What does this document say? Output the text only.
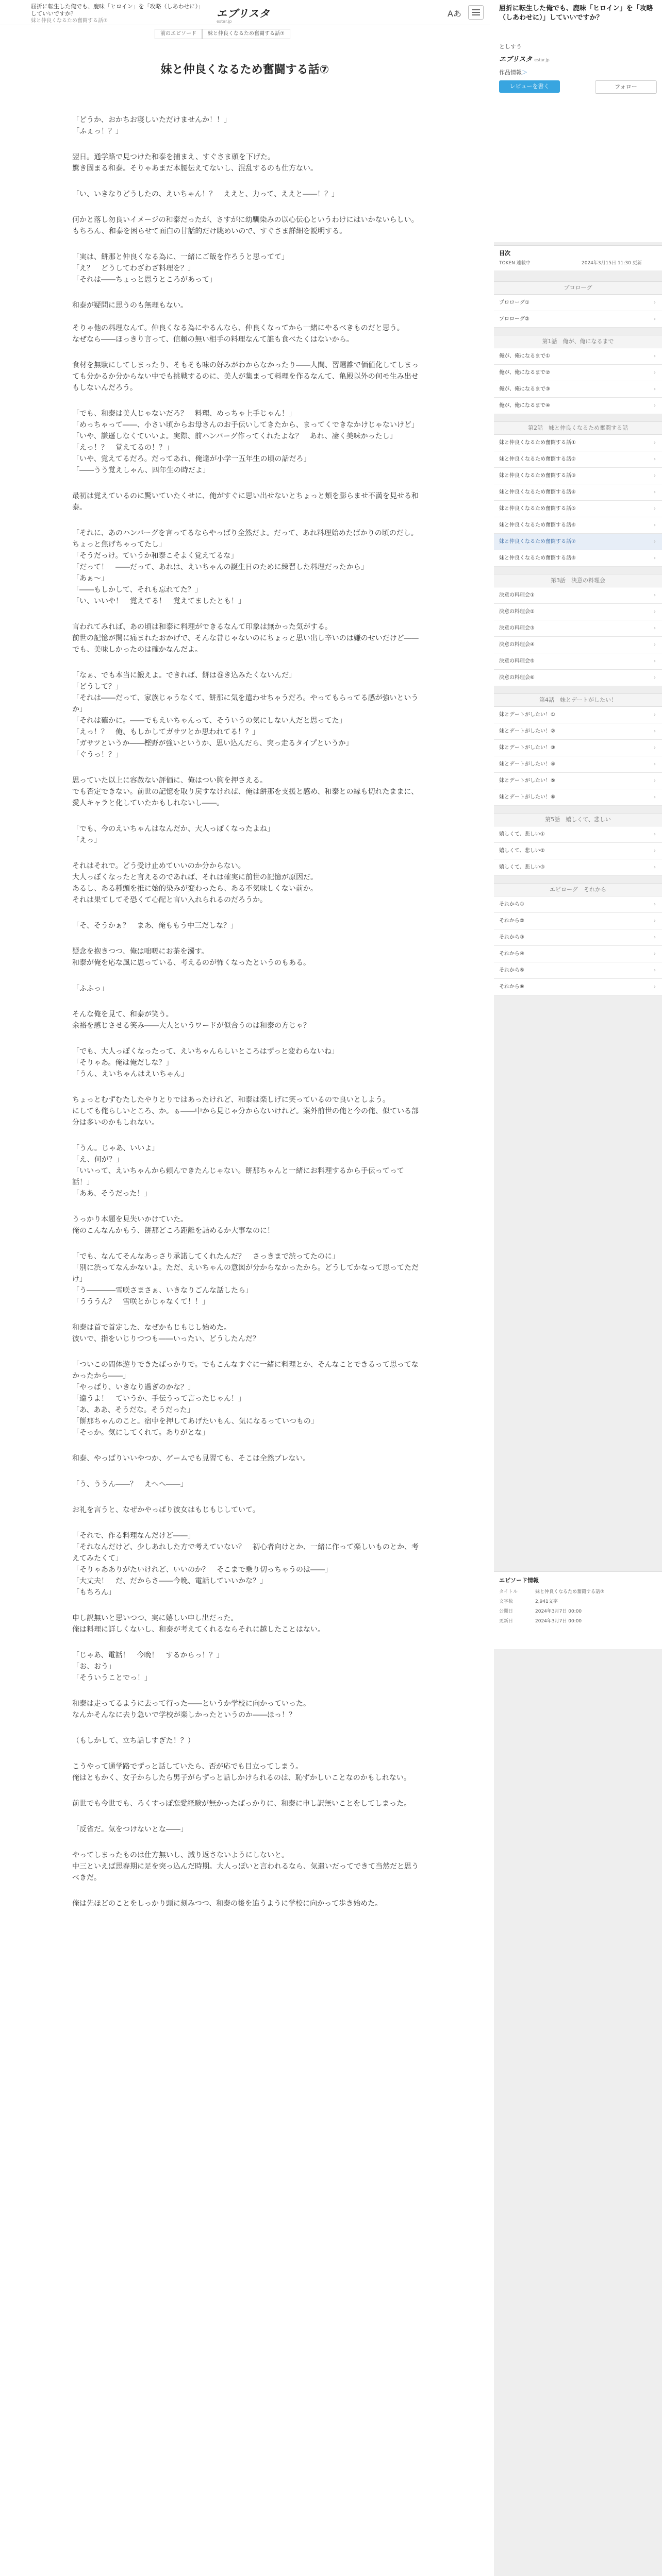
屈折に転生した俺でも、鹿味「ヒロイン」を「攻略（しあわせに）」していいですか？
妹と仲良くなるため奮闘する話⑦
エブリスタ
estar.jp
Aあ
前のエピソード 妹と仲良くなるため奮闘する話⑦
妹と仲良くなるため奮闘する話⑦

「どうか、おかちお寝しいただけませんか！！」
「ふぇっ！？」

翌日。通学路で見つけた和泰を捕まえ、すぐさま頭を下げた。
驚き固まる和泰。そりゃあまだ本腰伝えてないし、混乱するのも仕方ない。

「い、いきなりどうしたの、えいちゃん！？　ええと、力って、ええと――！？」

何かと落し勿良いイメージの和泰だったが、さすがに幼馴染みの以心伝心というわけにはいかないらしい。
もちろん、和泰を困らせて面白の甘話的だけ眺めいので、すぐさま詳細を説明する。

「実は、餅那と仲良くなる為に、一緒にご飯を作ろうと思ってて」
「え？　どうしてわざわざ料理を？」
「それは――ちょっと思うところがあって」

和泰が疑問に思うのも無理もない。

そりゃ他の料理なんて。仲良くなる為にやるんなら、仲良くなってから一緒にやるべきものだと思う。
なぜなら――ほっきり言って、信頼の無い相手の料理なんて誰も食べたくはないから。

食材を無駄にしてしまったり、そもそも味の好みがわからなかったり――人間、習選誰で価値化してしまっても分かるか分からない中でも挑戦するのに、美人が集まって料理を作るなんて、亀殿以外の何モ生み出せもしないんだろう。

「でも、和泰は美人じゃないだろ？　料理、めっちゃ上手じゃん！」
「めっちゃって――、小さい頃からお母さんのお手伝いしてきたから、まってくできなかけじゃないけど」
「いや、謙遜しなくていいよ。実際、前ハンバーグ作ってくれたよな？　あれ、凄く美味かったし」
「えっ！？　覚えてるの！？」
「いや、覚えてるだろ。だってあれ、俺達が小学一五年生の頃の話だろ」
「――うう覚えしゃん、四年生の時だよ」

最初は覚えているのに驚いていたくせに、俺がすぐに思い出せないとちょっと頬を膨らませ不満を見せる和泰。

「それに、あのハンバーグを言ってるならやっぱり全然だよ。だって、あれ料理始めたばかりの頃のだし。ちょっと焦げちゃってたし」
「そうだっけ。ていうか和泰こそよく覚えてるな」
「だって！　――だって、あれは、えいちゃんの誕生日のために練習した料理だったから」
「あぁ～」
「――もしかして、それも忘れてた？」
「い、いいや！　覚えてる！　覚えてましたとも！」

言われてみれば、あの頃は和泰に料理ができるなんて印象は無かった気がする。
前世の記憶が関に痛まれたおかげで、そんな昔じゃないのにちょっと思い出し辛いのは嫌のせいだけど――でも、美味しかったのは確かなんだよ。

「なぁ、でも本当に鍛えよ。できれば、餅は巻き込みたくないんだ」
「どうして？」
「それは――だって、家族じゃうなくて、餅那に気を遣わせちゃうだろ。やってもらってる感が強いというか」
「それは確かに。――でもえいちゃんって、そういうの気にしない人だと思ってた」
「えっ！？　俺、もしかしてガサツとか思われてる！？」
「ガサツというか――樫野が強いというか、思い込んだら、突っ走るタイプというか」
「ぐうっ！？」

思っていた以上に容赦ない評価に、俺はつい胸を押さえる。
でも否定できない。前世の記憶を取り戻すなければ、俺は餅那を支援と感め、和泰との縁も切れたままに、愛人キャラと化していたかもしれないし――。

「でも、今のえいちゃんはなんだか、大人っぽくなったよね」
「えっ」

それはそれで。どう受け止めていいのか分からない。
大人っぽくなったと言えるのであれば、それは確実に前世の記憶が原因だ。
あるし、ある種頭を推に始的染みが変わったら、ある不気味しくない前か。
それは果てしてそ恐くて心配と言い入れられるのだろうか。

「そ、そうかぁ？　まあ、俺ももう中三だしな？」

疑念を抱きつつ、俺は咄嗟にお茶を濁す。
和泰が俺を応な風に思っている、考えるのが怖くなったというのもある。

「ふふっ」

そんな俺を見て、和泰が笑う。
余裕を感じさせる笑み――大人というワードが似合うのは和泰の方じゃ？

「でも、大人っぽくなったって、えいちゃんらしいところはずっと変わらないね」
「そりゃあ。俺は俺だしな？」
「うん、えいちゃんはえいちゃん」

ちょっとむずむたしたやりとりではあったけれど、和泰は楽しげに笑っているので良いとしよう。
にしても俺らしいところ、か。ぁ――中から見じゃ分からないけれど。案外前世の俺と今の俺、似ている部分は多いのかもしれない。

「うん。じゃあ、いいよ」
「え、何が？」
「いいって、えいちゃんから頼んできたんじゃない。餅那ちゃんと一緒にお料理するから手伝ってって話！」
「ああ、そうだった！」

うっかり本題を見失いかけていた。
俺のこんなんかもう、餅那どころ距離を詰めるか大事なのに！

「でも、なんてそんなあっさり承諾してくれたんだ？　さっきまで渋ってたのに」
「別に渋ってなんかないよ。ただ、えいちゃんの意図が分からなかったから。どうしてかなって思ってただけ」
「う――――雪咲さまさぁ、いきなりごんな話したら」
「うううん？　雪咲とかじゃなくて！！」

和泰は首で首定した、なぜかもじもじし始めた。
彼いで、指をいじりつつも――いったい、どうしたんだ？

「ついこの間体遊りできたばっかりで。でもこんなすぐに一緒に料理とか、そんなことできるって思ってなかったから――」
「やっぱり、いきなり過ぎのかな？」
「違うよ！　ていうか、手伝うって言ったじゃん！」
「あ、ああ、そうだな。そうだった」
「餅那ちゃんのこと。宿中を押してあげたいもん、気になるっていつもの」
「そっか。気にしてくれて。ありがとな」

和泰、やっぱりいいやつか、ゲームでも見習ても、そこは全然ブレない。

「う、ううん――？　えへへ――」

お礼を言うと、なぜかやっぱり彼女はもじもじしていて。

「それで、作る料理なんだけど――」
「それなんだけど、少しあれした方で考えていない？　初心者向けとか、一緒に作って楽しいものとか、考えてみたくて」
「そりゃあありがたいけれど、いいのか？　そこまで乗り切っちゃうのは――」
「大丈夫！　だ、だからさ――今晩、電話していいかな？」
「もちろん」

申し訳無いと思いつつ、実に嬉しい申し出だった。
俺は料理に詳しくないし、和泰が考えてくれるならそれに越したことはない。

「じゃあ、電話！　今晩！　するからっ！？」
「お、おう」
「そういうことでっ！」

和泰は走ってるように去って行った――というか学校に向かっていった。
なんかそんなに去り急いで学校が楽しかったというのか――ほっ！？

（もしかして、立ち話しすぎた！？）

こうやって通学路でずっと話していたら、否が応でも目立ってしまう。
俺はともかく、女子からしたら男子がらずっと話しかけられるのは、恥ずかしいことなのかもしれない。

前世でも今世でも、ろくすっぽ恋愛経験が無かったばっかりに、和泰に申し訳無いことをしてしまった。

「反省だ。気をつけないとな――」

やってしまったものは仕方無いし、減り返さないようにしないと。
中三といえば思春期に足を突っ込んだ時期。大人っぽいと言われるなら、気遣いだってできて当然だと思うべきだ。

俺は先ほどのことをしっかり頭に刻みつつ、和泰の後を追うように学校に向かって歩き始めた。

屈折に転生した俺でも、鹿味「ヒロイン」を「攻略（しあわせに）」していいですか？
としすう
エブリスタ estar.jp
作品情報＞
レビューを書く	フォロー
目次
TOKEN 連載中	2024年3月15日 11:30 更新
プロローグ
プロローグ① ›
プロローグ② ›
第1話　俺が、俺になるまで
俺が、俺になるまで① ›
俺が、俺になるまで② ›
俺が、俺になるまで③ ›
俺が、俺になるまで④ ›
第2話　妹と仲良くなるため奮闘する話
妹と仲良くなるため奮闘する話① ›
妹と仲良くなるため奮闘する話② ›
妹と仲良くなるため奮闘する話③ ›
妹と仲良くなるため奮闘する話④ ›
妹と仲良くなるため奮闘する話⑤ ›
妹と仲良くなるため奮闘する話⑥ ›
妹と仲良くなるため奮闘する話⑦ ›
妹と仲良くなるため奮闘する話⑧ ›
第3話　決意の料理会
決意の料理会① ›
決意の料理会② ›
決意の料理会③ ›
決意の料理会④ ›
決意の料理会⑤ ›
決意の料理会⑥ ›
第4話　妹とデートがしたい！
妹とデートがしたい！① ›
妹とデートがしたい！② ›
妹とデートがしたい！③ ›
妹とデートがしたい！④ ›
妹とデートがしたい！⑤ ›
妹とデートがしたい！⑥ ›
第5話　嬉しくて、悲しい
嬉しくて、悲しい① ›
嬉しくて、悲しい② ›
嬉しくて、悲しい③ ›
エピローグ　それから
それから① ›
それから② ›
それから③ ›
それから④ ›
それから⑤ ›
それから⑥ ›
エピソード情報
タイトル	妹と仲良くなるため奮闘する話⑦
文字数	2,941文字
公開日	2024年3月7日 00:00
更新日	2024年3月7日 00:00
